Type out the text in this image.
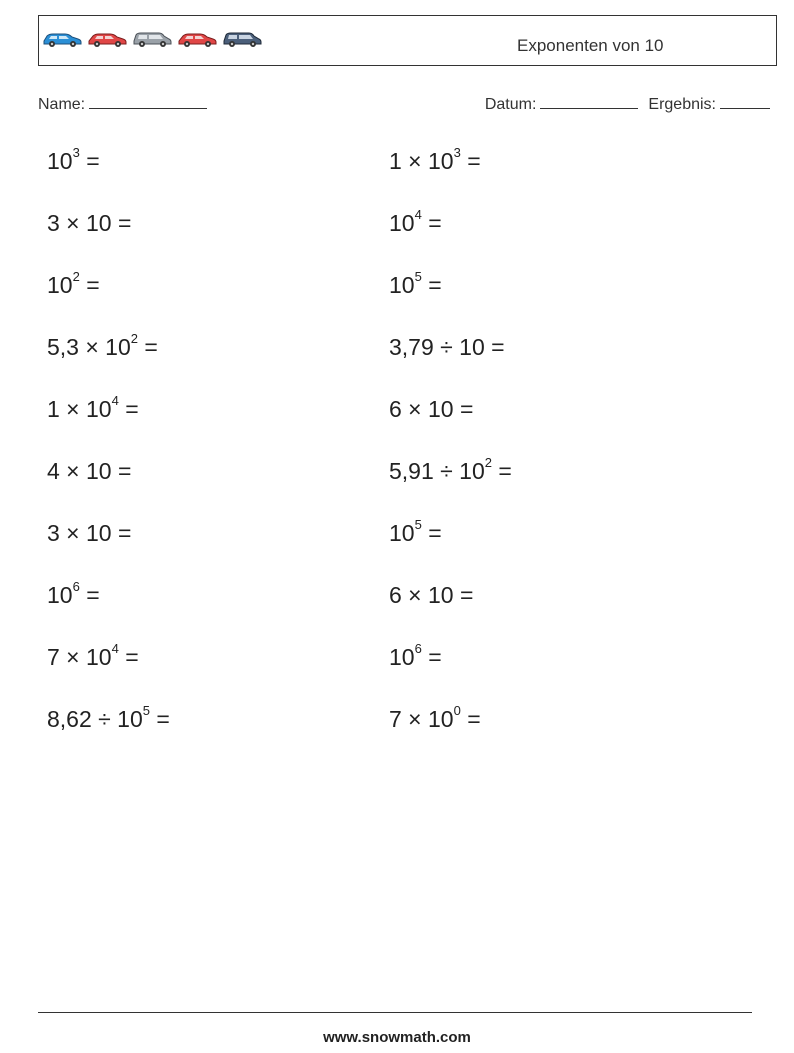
Exponenten von 10
Name:	Datum:	Ergebnis:
$10^3$ =
3 × 10 =
$10^2$ =
$5,3 \times 10^2$ =
$1 \times 10^4$ =
4 × 10 =
3 × 10 =
$10^6$ =
$7 \times 10^4$ =
$8,62 \div 10^5$ =
$1 \times 10^3$ =
$10^4$ =
$10^5$ =
3,79 ÷ 10 =
6 × 10 =
$5,91 \div 10^2$ =
$10^5$ =
6 × 10 =
$10^6$ =
$7 \times 10^0$ =
www.snowmath.com
